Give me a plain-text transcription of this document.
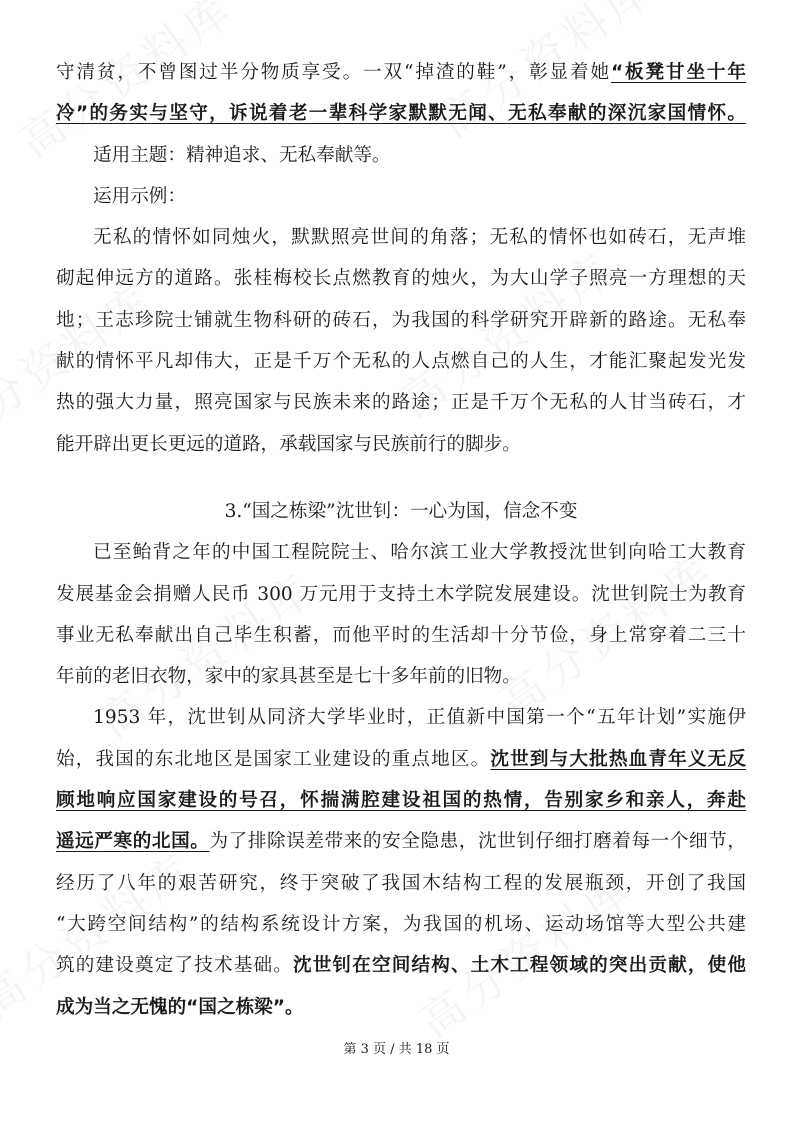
守清贫，不曾图过半分物质享受。一双“掉渣的鞋”，彰显着她“板凳甘坐十年
冷”的务实与坚守，诉说着老一辈科学家默默无闻、无私奉献的深沉家国情怀。
适用主题：精神追求、无私奉献等。
运用示例：
无私的情怀如同烛火，默默照亮世间的角落；无私的情怀也如砖石，无声堆
砌起伸远方的道路。张桂梅校长点燃教育的烛火，为大山学子照亮一方理想的天
地；王志珍院士铺就生物科研的砖石，为我国的科学研究开辟新的路途。无私奉
献的情怀平凡却伟大，正是千万个无私的人点燃自己的人生，才能汇聚起发光发
热的强大力量，照亮国家与民族未来的路途；正是千万个无私的人甘当砖石，才
能开辟出更长更远的道路，承载国家与民族前行的脚步。
3.“国之栋梁”沈世钊：一心为国，信念不变
已至鲐背之年的中国工程院院士、哈尔滨工业大学教授沈世钊向哈工大教育
发展基金会捐赠人民币 300 万元用于支持土木学院发展建设。沈世钊院士为教育
事业无私奉献出自己毕生积蓄，而他平时的生活却十分节俭，身上常穿着二三十
年前的老旧衣物，家中的家具甚至是七十多年前的旧物。
1953 年，沈世钊从同济大学毕业时，正值新中国第一个“五年计划”实施伊
始，我国的东北地区是国家工业建设的重点地区。沈世到与大批热血青年义无反
顾地响应国家建设的号召，怀揣满腔建设祖国的热情，告别家乡和亲人，奔赴
遥远严寒的北国。为了排除误差带来的安全隐患，沈世钊仔细打磨着每一个细节，
经历了八年的艰苦研究，终于突破了我国木结构工程的发展瓶颈，开创了我国
“大跨空间结构”的结构系统设计方案，为我国的机场、运动场馆等大型公共建
筑的建设奠定了技术基础。沈世钊在空间结构、土木工程领域的突出贡献，使他
成为当之无愧的“国之栋梁”。
第 3 页 / 共 18 页
